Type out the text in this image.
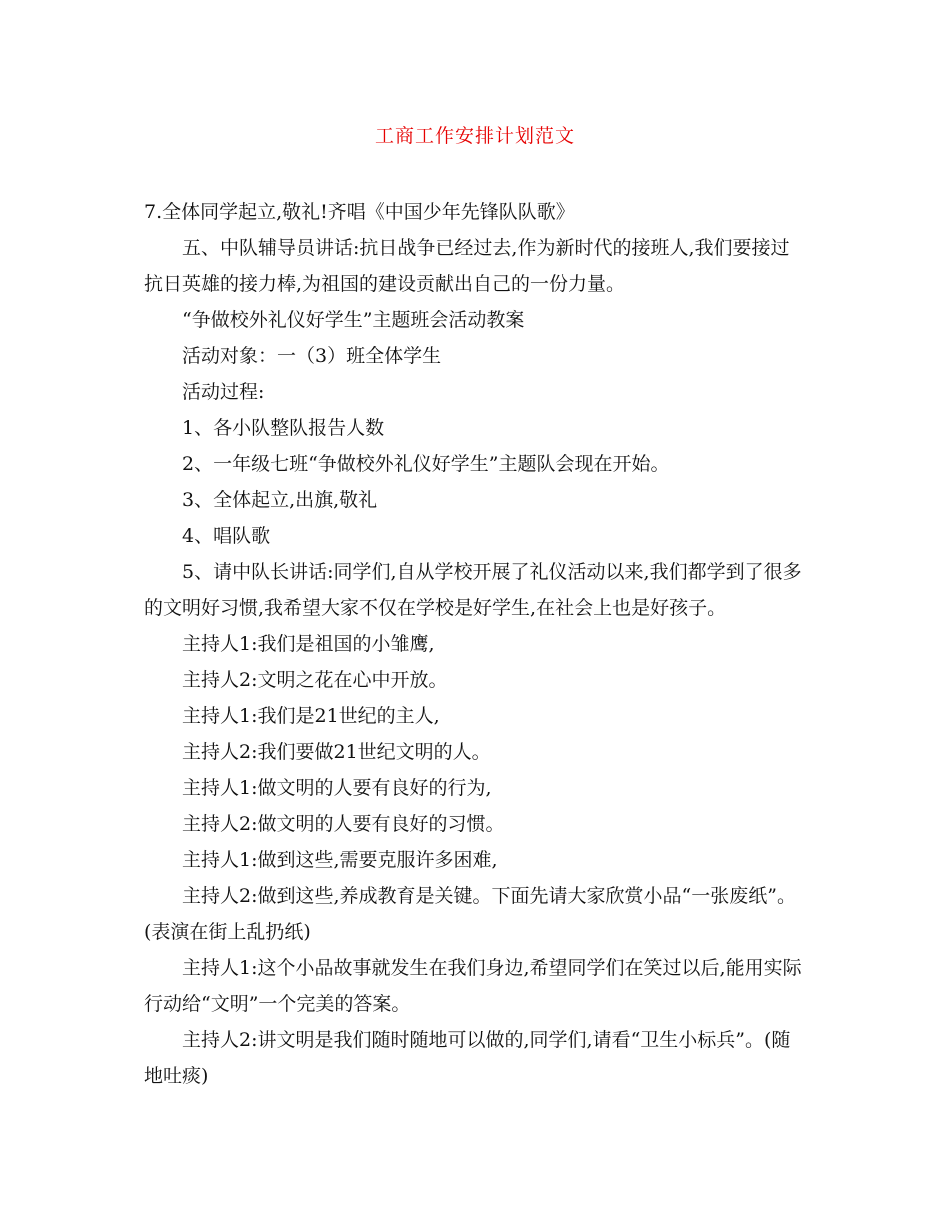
工商工作安排计划范文

7.全体同学起立,敬礼!齐唱《中国少年先锋队队歌》

五、中队辅导员讲话:抗日战争已经过去,作为新时代的接班人,我们要接过抗日英雄的接力棒,为祖国的建设贡献出自己的一份力量。

“争做校外礼仪好学生”主题班会活动教案

活动对象：一（3）班全体学生

活动过程:

1、各小队整队报告人数

2、一年级七班“争做校外礼仪好学生”主题队会现在开始。

3、全体起立,出旗,敬礼

4、唱队歌

5、请中队长讲话:同学们,自从学校开展了礼仪活动以来,我们都学到了很多的文明好习惯,我希望大家不仅在学校是好学生,在社会上也是好孩子。

主持人1:我们是祖国的小雏鹰,

主持人2:文明之花在心中开放。

主持人1:我们是21世纪的主人,

主持人2:我们要做21世纪文明的人。

主持人1:做文明的人要有良好的行为,

主持人2:做文明的人要有良好的习惯。

主持人1:做到这些,需要克服许多困难,

主持人2:做到这些,养成教育是关键。下面先请大家欣赏小品“一张废纸”。(表演在街上乱扔纸)

主持人1:这个小品故事就发生在我们身边,希望同学们在笑过以后,能用实际行动给“文明”一个完美的答案。

主持人2:讲文明是我们随时随地可以做的,同学们,请看“卫生小标兵”。(随地吐痰)
